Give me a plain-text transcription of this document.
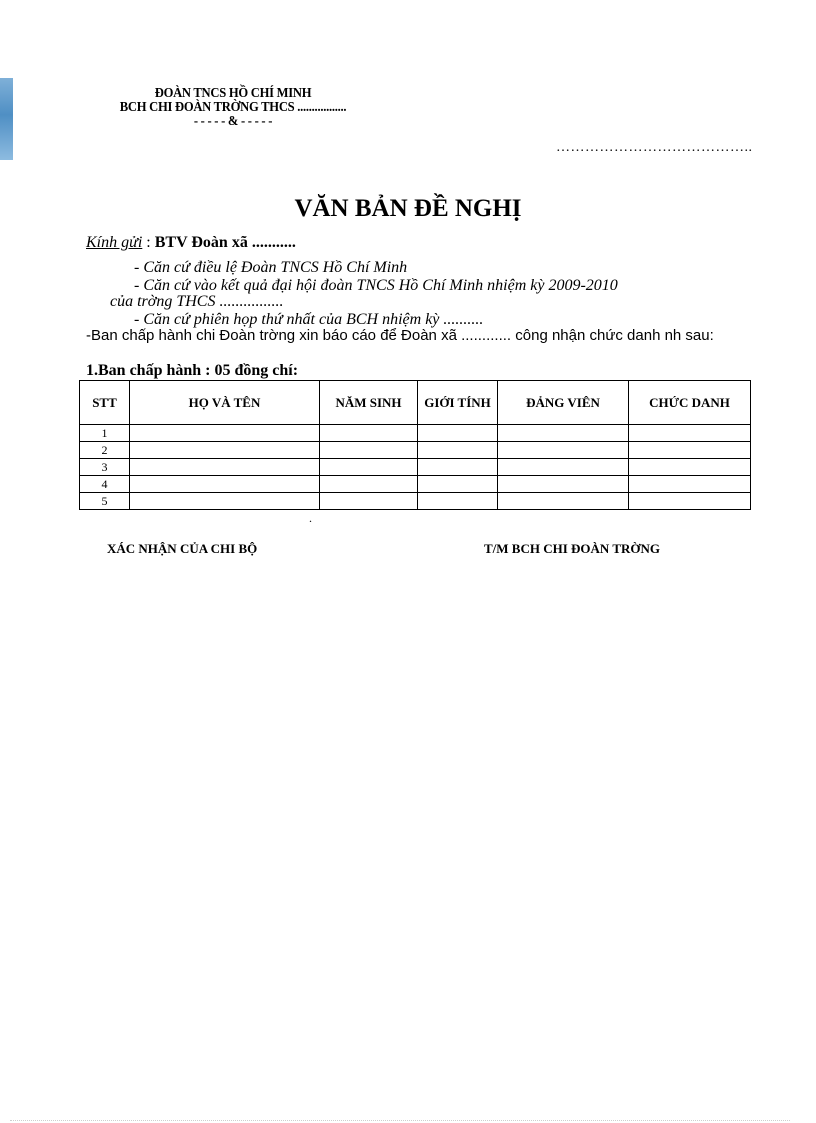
ĐOÀN TNCS HỒ CHÍ MINH
BCH CHI ĐOÀN TRỜNG THCS .................
- - - - - & - - - - -
…………………………………..
VĂN BẢN ĐỀ NGHỊ
Kính gửi : BTV Đoàn xã ...........
- Căn cứ điều lệ Đoàn TNCS Hồ Chí Minh
- Căn cứ vào kết quả đại hội đoàn TNCS Hồ Chí Minh nhiệm kỳ 2009-2010
của trờng THCS ................
- Căn cứ phiên họp thứ nhất của BCH nhiệm kỳ ..........
-Ban chấp hành chi Đoàn trờng xin báo cáo để Đoàn xã ............ công nhận chức danh nh sau:
1.Ban chấp hành : 05 đồng chí:
STT	HỌ VÀ TÊN	NĂM SINH	GIỚI TÍNH	ĐẢNG VIÊN	CHỨC DANH
1					
2					
3					
4					
5					
.
XÁC NHẬN CỦA CHI BỘ	T/M BCH CHI ĐOÀN TRỜNG
